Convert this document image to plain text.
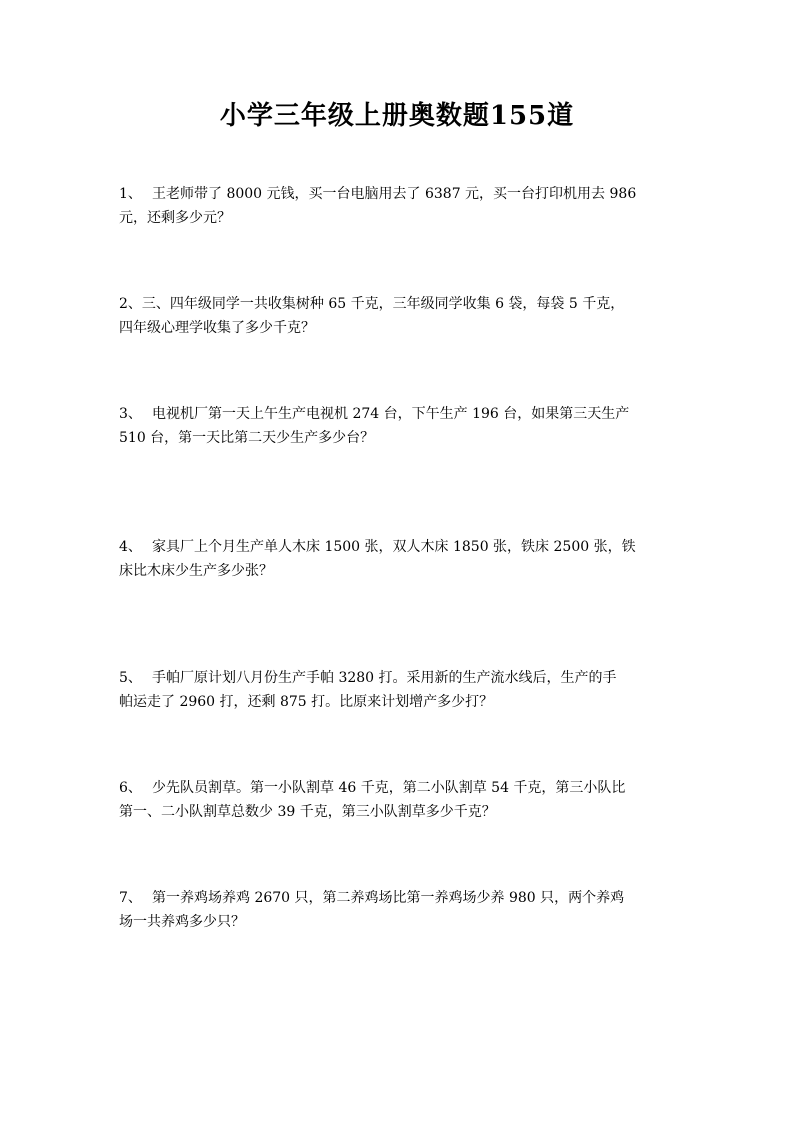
小学三年级上册奥数题155道
1、 王老师带了 8000 元钱，买一台电脑用去了 6387 元，买一台打印机用去 986
元，还剩多少元？
2、三、四年级同学一共收集树种 65 千克，三年级同学收集 6 袋，每袋 5 千克，
四年级心理学收集了多少千克？
3、 电视机厂第一天上午生产电视机 274 台，下午生产 196 台，如果第三天生产
510 台，第一天比第二天少生产多少台？
4、 家具厂上个月生产单人木床 1500 张，双人木床 1850 张，铁床 2500 张，铁
床比木床少生产多少张？
5、 手帕厂原计划八月份生产手帕 3280 打。采用新的生产流水线后，生产的手
帕运走了 2960 打，还剩 875 打。比原来计划增产多少打？
6、 少先队员割草。第一小队割草 46 千克，第二小队割草 54 千克，第三小队比
第一、二小队割草总数少 39 千克，第三小队割草多少千克？
7、 第一养鸡场养鸡 2670 只，第二养鸡场比第一养鸡场少养 980 只，两个养鸡
场一共养鸡多少只？
